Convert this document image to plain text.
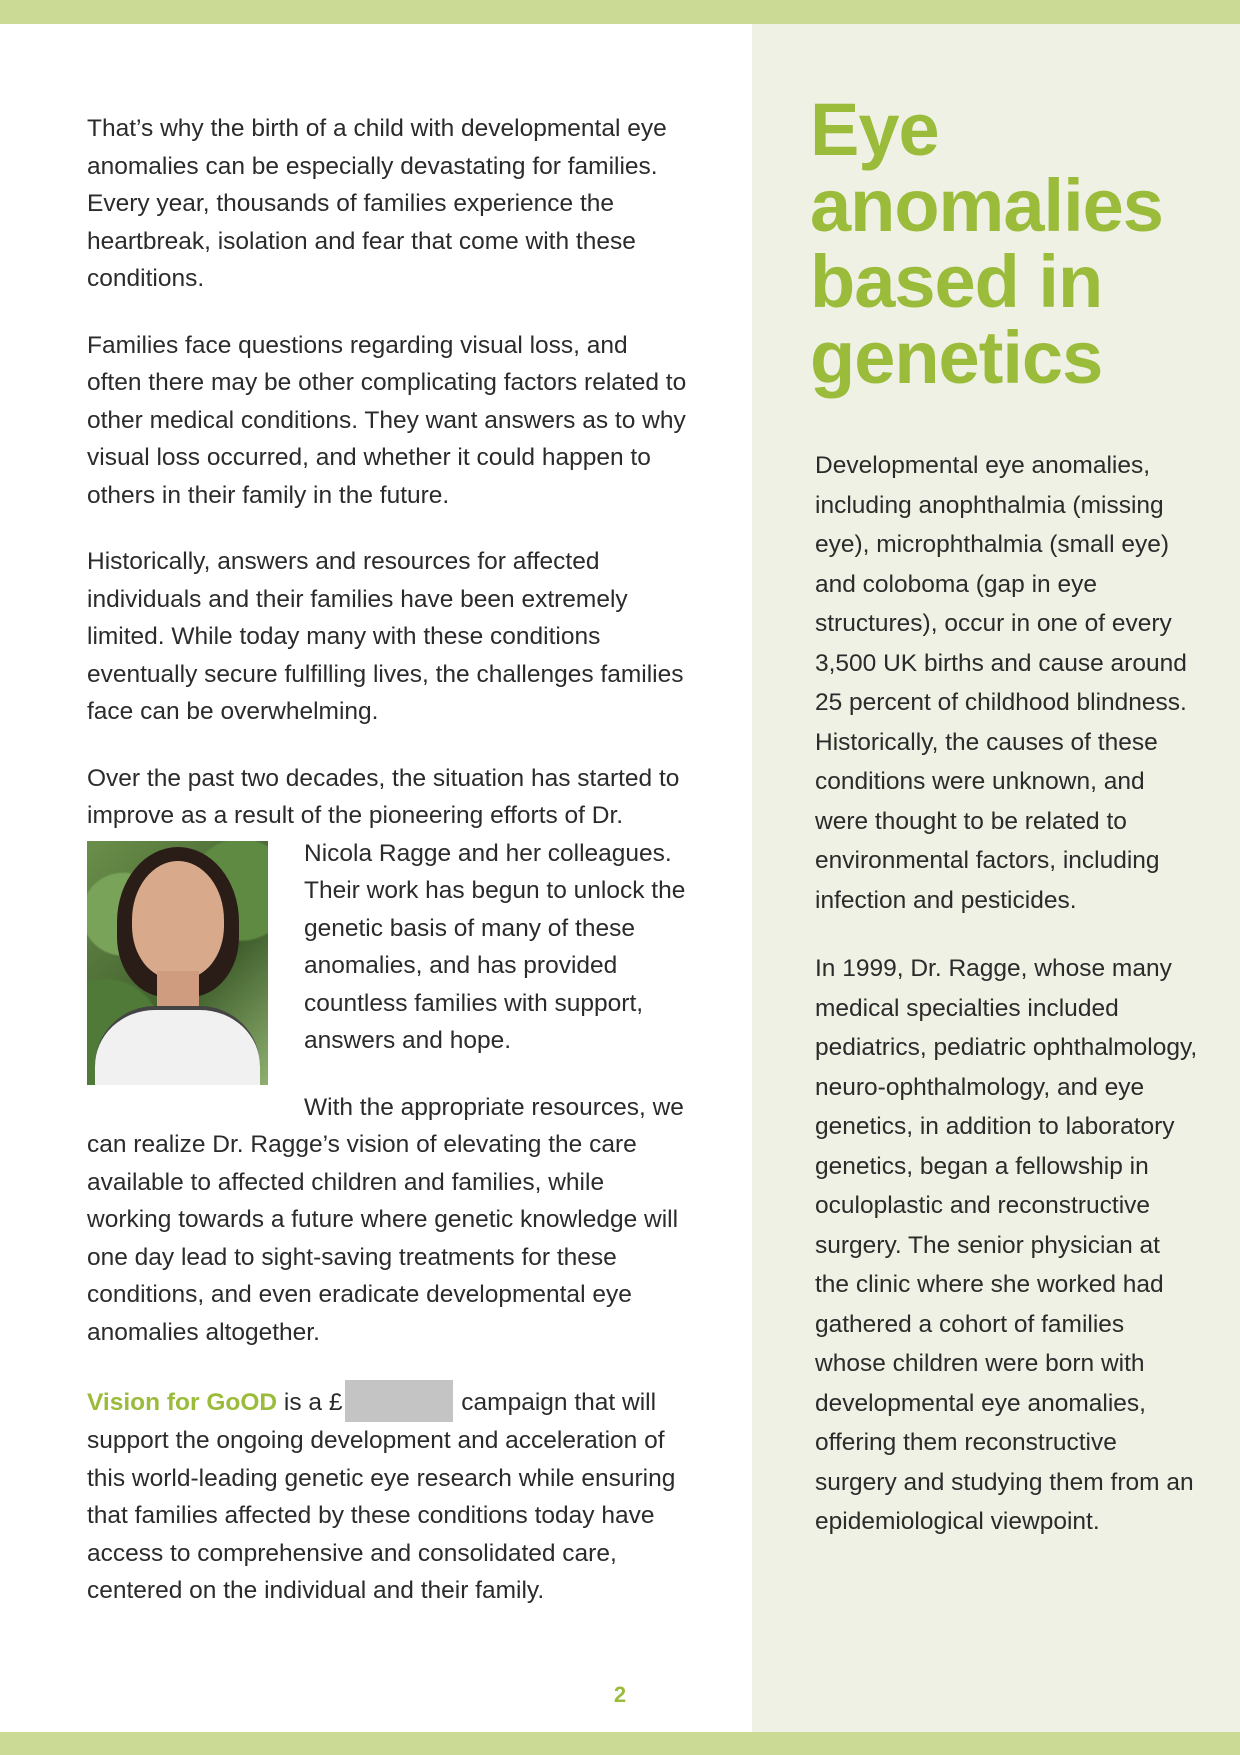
That’s why the birth of a child with developmental eye anomalies can be especially devastating for families. Every year, thousands of families experience the heartbreak, isolation and fear that come with these conditions.

Families face questions regarding visual loss, and often there may be other complicating factors related to other medical conditions. They want answers as to why visual loss occurred, and whether it could happen to others in their family in the future.

Historically, answers and resources for affected individuals and their families have been extremely limited. While today many with these conditions eventually secure fulfilling lives, the challenges families face can be overwhelming.

Over the past two decades, the situation has started to improve as a result of the pioneering efforts of Dr.

Nicola Ragge and her colleagues. Their work has begun to unlock the genetic basis of many of these anomalies, and has provided countless families with support, answers and hope.

With the appropriate resources, we can realize Dr. Ragge’s vision of elevating the care available to affected children and families, while working towards a future where genetic knowledge will one day lead to sight-saving treatments for these conditions, and even eradicate developmental eye anomalies altogether.

Vision for GoOD is a £	campaign that will support the ongoing development and acceleration of this world-leading genetic eye research while ensuring that families affected by these conditions today have access to comprehensive and consolidated care, centered on the individual and their family.

2
Eye anomalies based in genetics

Developmental eye anomalies, including anophthalmia (missing eye), microphthalmia (small eye) and coloboma (gap in eye structures), occur in one of every 3,500 UK births and cause around 25 percent of childhood blindness. Historically, the causes of these conditions were unknown, and were thought to be related to environmental factors, including infection and pesticides.

In 1999, Dr. Ragge, whose many medical specialties included pediatrics, pediatric ophthalmology, neuro-ophthalmology, and eye genetics, in addition to laboratory genetics, began a fellowship in oculoplastic and reconstructive surgery. The senior physician at the clinic where she worked had gathered a cohort of families whose children were born with developmental eye anomalies, offering them reconstructive surgery and studying them from an epidemiological viewpoint.
